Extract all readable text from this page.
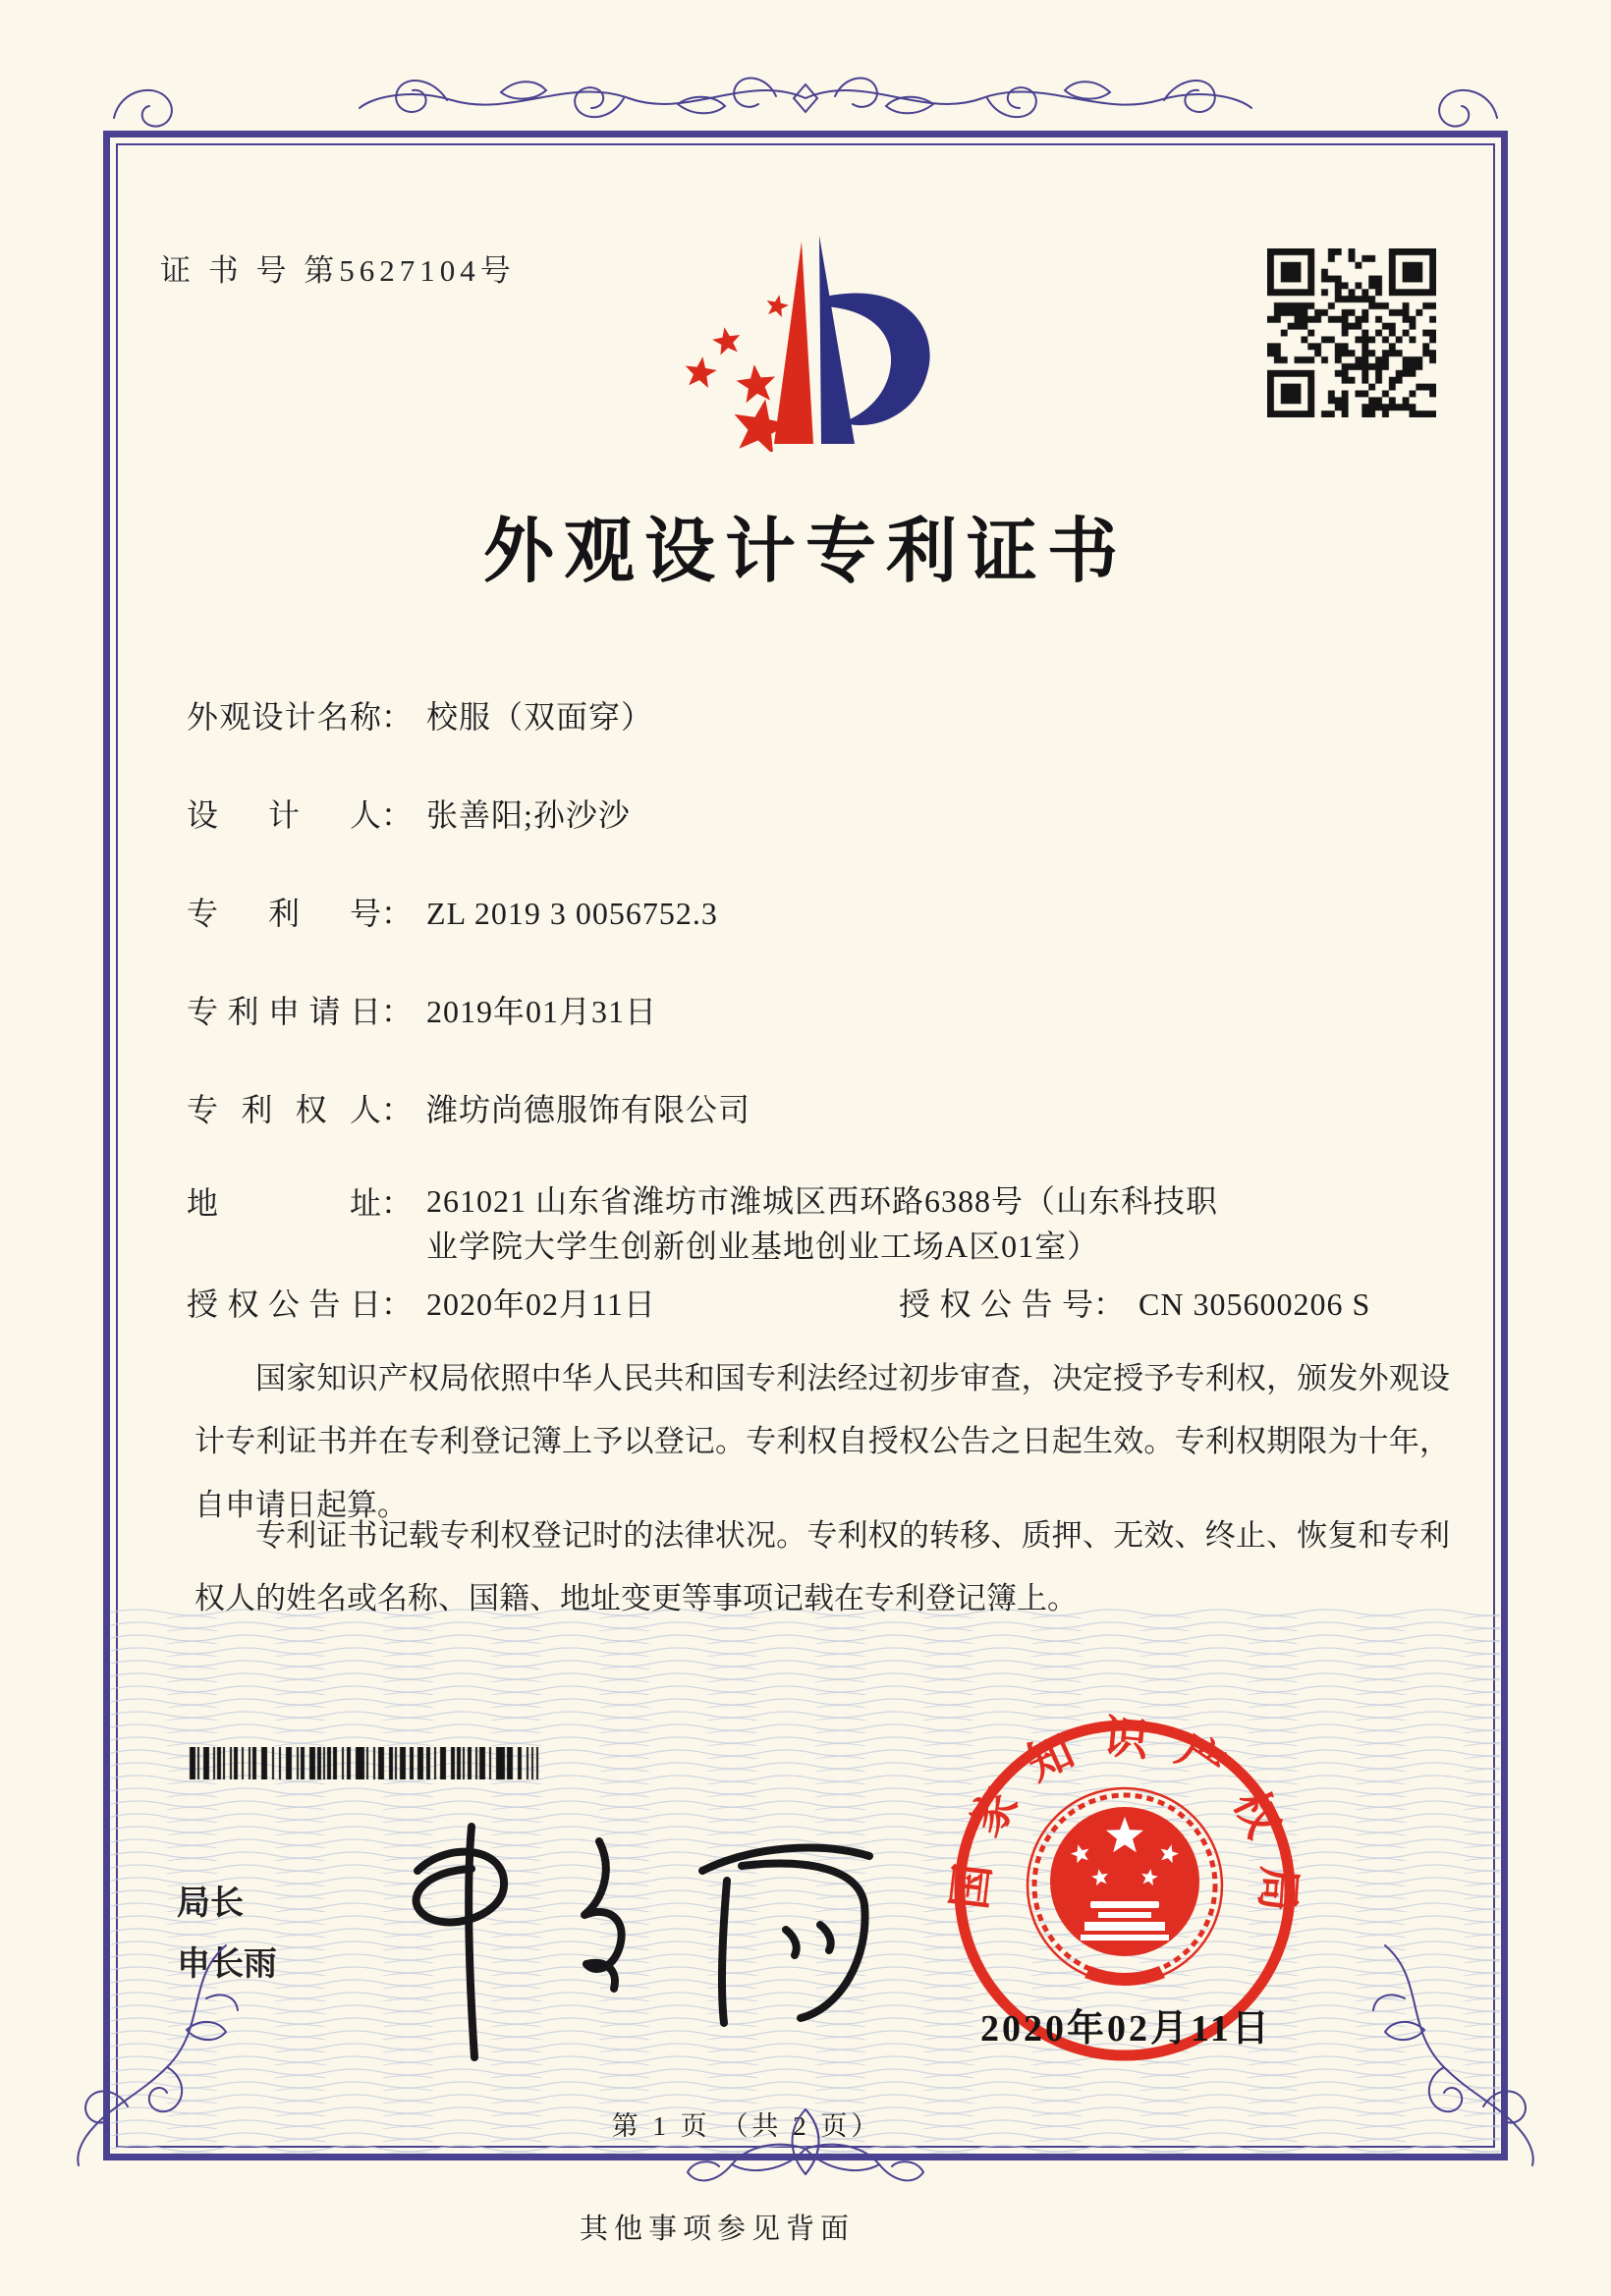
证 书 号 第5627104号
外观设计专利证书
外观设计名称： 校服（双面穿）
设计人： 张善阳;孙沙沙
专利号： ZL 2019 3 0056752.3
专利申请日： 2019年01月31日
专利权人： 潍坊尚德服饰有限公司
地址： 261021 山东省潍坊市潍城区西环路6388号（山东科技职
业学院大学生创新创业基地创业工场A区01室）
授权公告日： 2020年02月11日	授权公告号： CN 305600206 S
国家知识产权局依照中华人民共和国专利法经过初步审查，决定授予专利权，颁发外观设计专利证书并在专利登记簿上予以登记。专利权自授权公告之日起生效。专利权期限为十年，自申请日起算。
专利证书记载专利权登记时的法律状况。专利权的转移、质押、无效、终止、恢复和专利权人的姓名或名称、国籍、地址变更等事项记载在专利登记簿上。
局长
申长雨
国家知识产权局
2020年02月11日
第 1 页 （共 2 页）
其他事项参见背面
